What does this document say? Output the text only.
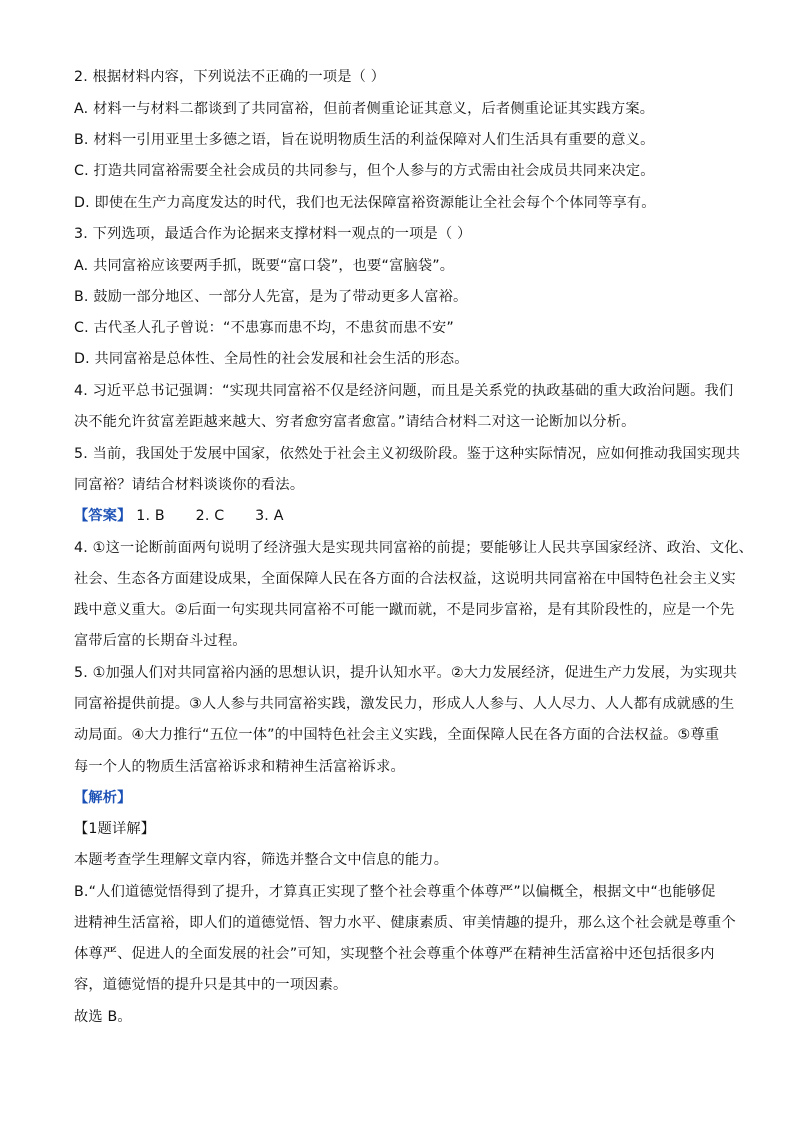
2. 根据材料内容，下列说法不正确的一项是（ ）
A. 材料一与材料二都谈到了共同富裕，但前者侧重论证其意义，后者侧重论证其实践方案。
B. 材料一引用亚里士多德之语，旨在说明物质生活的利益保障对人们生活具有重要的意义。
C. 打造共同富裕需要全社会成员的共同参与，但个人参与的方式需由社会成员共同来决定。
D. 即使在生产力高度发达的时代，我们也无法保障富裕资源能让全社会每个个体同等享有。
3. 下列选项，最适合作为论据来支撑材料一观点的一项是（ ）
A. 共同富裕应该要两手抓，既要“富口袋”，也要“富脑袋”。
B. 鼓励一部分地区、一部分人先富，是为了带动更多人富裕。
C. 古代圣人孔子曾说：“不患寡而患不均，不患贫而患不安”
D. 共同富裕是总体性、全局性的社会发展和社会生活的形态。
4. 习近平总书记强调：“实现共同富裕不仅是经济问题，而且是关系党的执政基础的重大政治问题。我们
决不能允许贫富差距越来越大、穷者愈穷富者愈富。”请结合材料二对这一论断加以分析。
5. 当前，我国处于发展中国家，依然处于社会主义初级阶段。鉴于这种实际情况，应如何推动我国实现共
同富裕？请结合材料谈谈你的看法。
【答案】 1. B 2. C 3. A
4. ①这一论断前面两句说明了经济强大是实现共同富裕的前提；要能够让人民共享国家经济、政治、文化、
社会、生态各方面建设成果，全面保障人民在各方面的合法权益，这说明共同富裕在中国特色社会主义实
践中意义重大。②后面一句实现共同富裕不可能一蹴而就，不是同步富裕，是有其阶段性的，应是一个先
富带后富的长期奋斗过程。
5. ①加强人们对共同富裕内涵的思想认识，提升认知水平。②大力发展经济，促进生产力发展，为实现共
同富裕提供前提。③人人参与共同富裕实践，激发民力，形成人人参与、人人尽力、人人都有成就感的生
动局面。④大力推行“五位一体”的中国特色社会主义实践，全面保障人民在各方面的合法权益。⑤尊重
每一个人的物质生活富裕诉求和精神生活富裕诉求。
【解析】
【1题详解】
本题考查学生理解文章内容，筛选并整合文中信息的能力。
B.“人们道德觉悟得到了提升，才算真正实现了整个社会尊重个体尊严”以偏概全，根据文中“也能够促
进精神生活富裕，即人们的道德觉悟、智力水平、健康素质、审美情趣的提升，那么这个社会就是尊重个
体尊严、促进人的全面发展的社会”可知，实现整个社会尊重个体尊严在精神生活富裕中还包括很多内
容，道德觉悟的提升只是其中的一项因素。
故选 B。
